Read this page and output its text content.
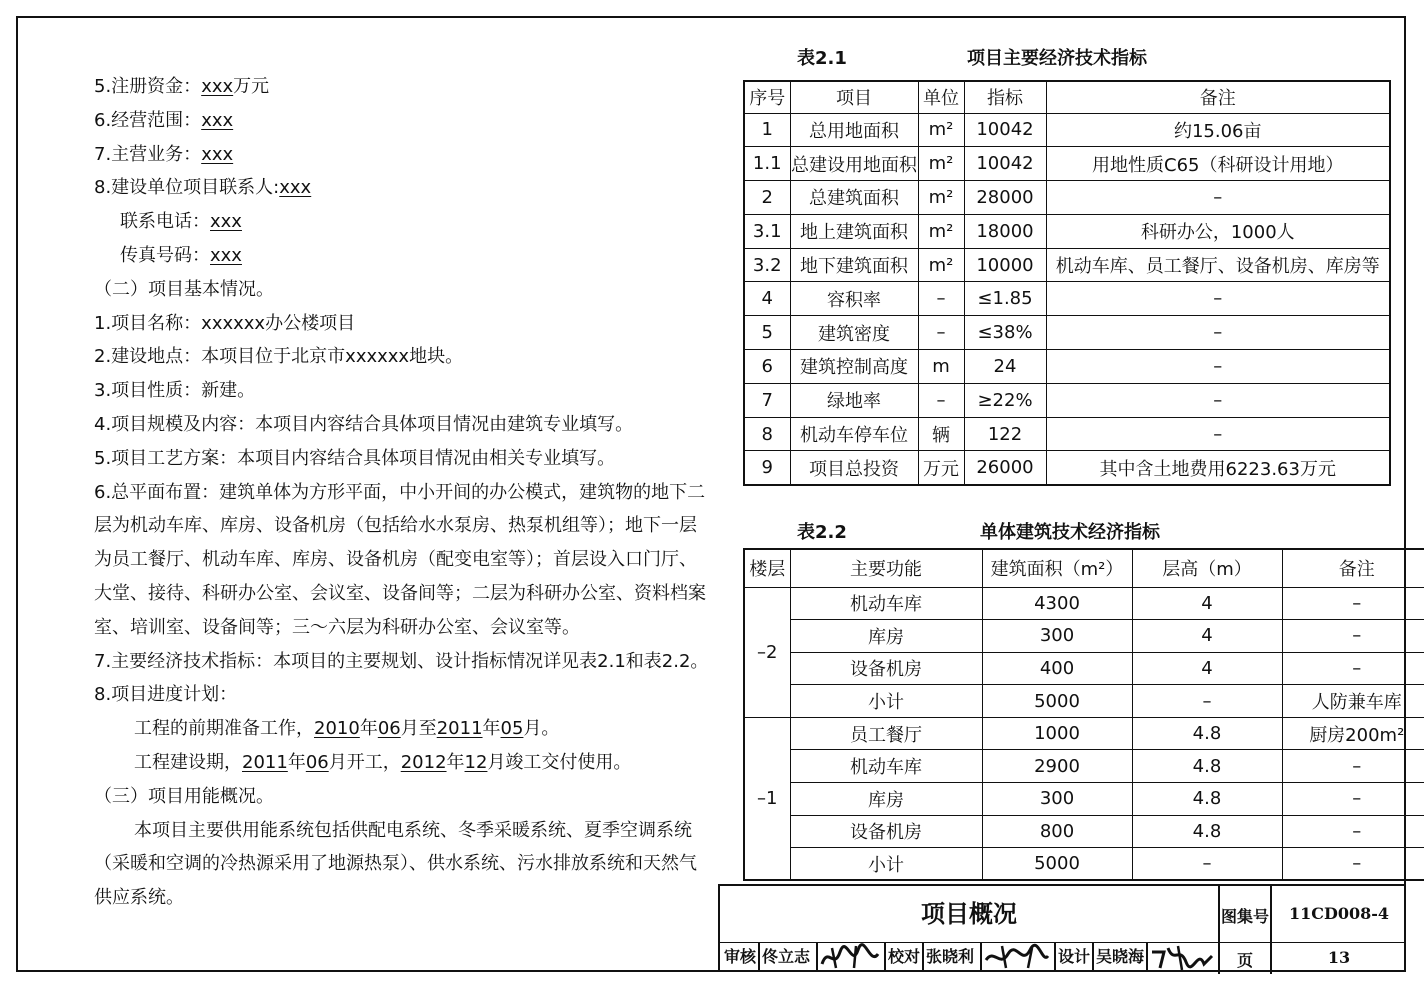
5.注册资金：xxx万元
6.经营范围：xxx
7.主营业务：xxx
8.建设单位项目联系人:xxx
联系电话：xxx
传真号码：xxx
（二）项目基本情况。
1.项目名称：xxxxxx办公楼项目
2.建设地点：本项目位于北京市xxxxxx地块。
3.项目性质：新建。
4.项目规模及内容：本项目内容结合具体项目情况由建筑专业填写。
5.项目工艺方案：本项目内容结合具体项目情况由相关专业填写。
6.总平面布置：建筑单体为方形平面，中小开间的办公模式，建筑物的地下二
层为机动车库、库房、设备机房（包括给水水泵房、热泵机组等）；地下一层
为员工餐厅、机动车库、库房、设备机房（配变电室等）；首层设入口门厅、
大堂、接待、科研办公室、会议室、设备间等；二层为科研办公室、资料档案
室、培训室、设备间等；三～六层为科研办公室、会议室等。
7.主要经济技术指标：本项目的主要规划、设计指标情况详见表2.1和表2.2。
8.项目进度计划：
工程的前期准备工作，2010年06月至2011年05月。
工程建设期，2011年06月开工，2012年12月竣工交付使用。
（三）项目用能概况。
本项目主要供用能系统包括供配电系统、冬季采暖系统、夏季空调系统
（采暖和空调的冷热源采用了地源热泵）、供水系统、污水排放系统和天然气
供应系统。
表2.1	项目主要经济技术指标
序号	项目	单位	指标	备注
1	总用地面积	m²	10042	约15.06亩
1.1	总建设用地面积	m²	10042	用地性质C65（科研设计用地）
2	总建筑面积	m²	28000	–
3.1	地上建筑面积	m²	18000	科研办公，1000人
3.2	地下建筑面积	m²	10000	机动车库、员工餐厅、设备机房、库房等
4	容积率	–	≤1.85	–
5	建筑密度	–	≤38%	–
6	建筑控制高度	m	24	–
7	绿地率	–	≥22%	–
8	机动车停车位	辆	122	–
9	项目总投资	万元	26000	其中含土地费用6223.63万元
表2.2	单体建筑技术经济指标
楼层	主要功能	建筑面积（m²）	层高（m）	备注
–2	机动车库	4300	4	–
	库房	300	4	–
	设备机房	400	4	–
	小计	5000	–	人防兼车库
–1	员工餐厅	1000	4.8	厨房200m²
	机动车库	2900	4.8	–
	库房	300	4.8	–
	设备机房	800	4.8	–
	小计	5000	–	–
项目概况	图集号	11CD008-4
页	13
审核 佟立志	校对 张晓利	设计 吴晓海
